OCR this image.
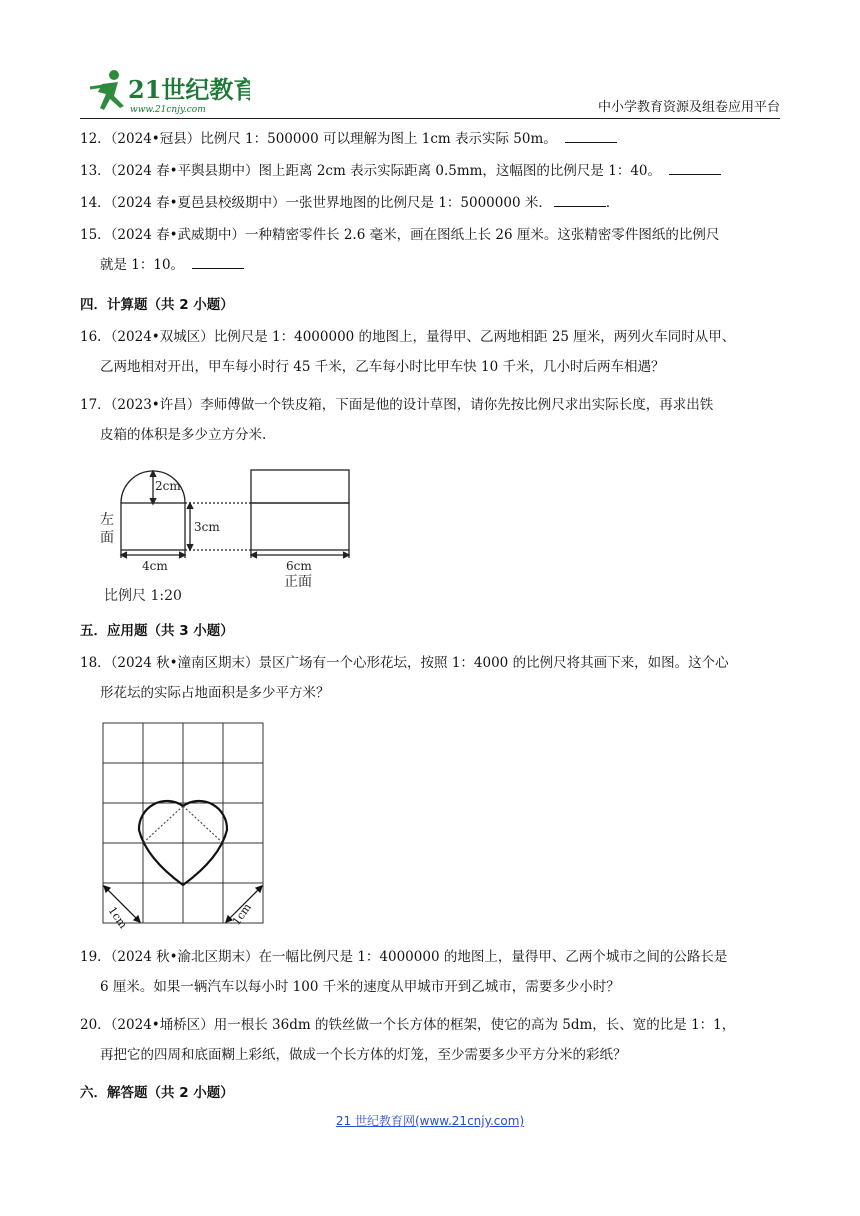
21世纪教育
www.21cnjy.com	中小学教育资源及组卷应用平台
12．（2024•冠县）比例尺 1：500000 可以理解为图上 1cm 表示实际 50m。
13．（2024 春•平舆县期中）图上距离 2cm 表示实际距离 0.5mm，这幅图的比例尺是 1：40。
14．（2024 春•夏邑县校级期中）一张世界地图的比例尺是 1：5000000 米．	．
15．（2024 春•武威期中）一种精密零件长 2.6 毫米，画在图纸上长 26 厘米。这张精密零件图纸的比例尺
就是 1：10。
四．计算题（共 2 小题）
16．（2024•双城区）比例尺是 1：4000000 的地图上，量得甲、乙两地相距 25 厘米，两列火车同时从甲、
乙两地相对开出，甲车每小时行 45 千米，乙车每小时比甲车快 10 千米，几小时后两车相遇？
17．（2023•许昌）李师傅做一个铁皮箱，下面是他的设计草图，请你先按比例尺求出实际长度，再求出铁
皮箱的体积是多少立方分米.
2cm
3cm
4cm	6cm
左
面
正面
比例尺 1:20
五．应用题（共 3 小题）
18．（2024 秋•潼南区期末）景区广场有一个心形花坛，按照 1：4000 的比例尺将其画下来，如图。这个心
形花坛的实际占地面积是多少平方米？
1cm	1cm
19．（2024 秋•渝北区期末）在一幅比例尺是 1：4000000 的地图上，量得甲、乙两个城市之间的公路长是
6 厘米。如果一辆汽车以每小时 100 千米的速度从甲城市开到乙城市，需要多少小时？
20．（2024•埇桥区）用一根长 36dm 的铁丝做一个长方体的框架，使它的高为 5dm，长、宽的比是 1：1，
再把它的四周和底面糊上彩纸，做成一个长方体的灯笼，至少需要多少平方分米的彩纸？
六．解答题（共 2 小题）
21 世纪教育网(www.21cnjy.com)
